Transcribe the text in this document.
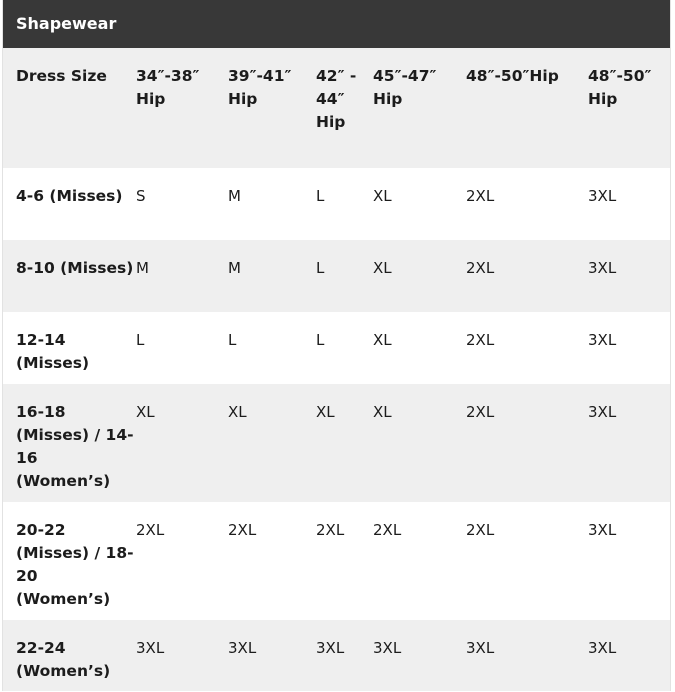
Shapewear
Dress Size	34″-38″ Hip	39″-41″ Hip	42″ - 44″ Hip	45″-47″ Hip	48″-50″Hip	48″-50″ Hip
4-6 (Misses)	S	M	L	XL	2XL	3XL
8-10 (Misses)	M	M	L	XL	2XL	3XL
12-14 (Misses)	L	L	L	XL	2XL	3XL
16-18 (Misses) / 14-16 (Women’s)	XL	XL	XL	XL	2XL	3XL
20-22 (Misses) / 18-20 (Women’s)	2XL	2XL	2XL	2XL	2XL	3XL
22-24 (Women’s)	3XL	3XL	3XL	3XL	3XL	3XL
